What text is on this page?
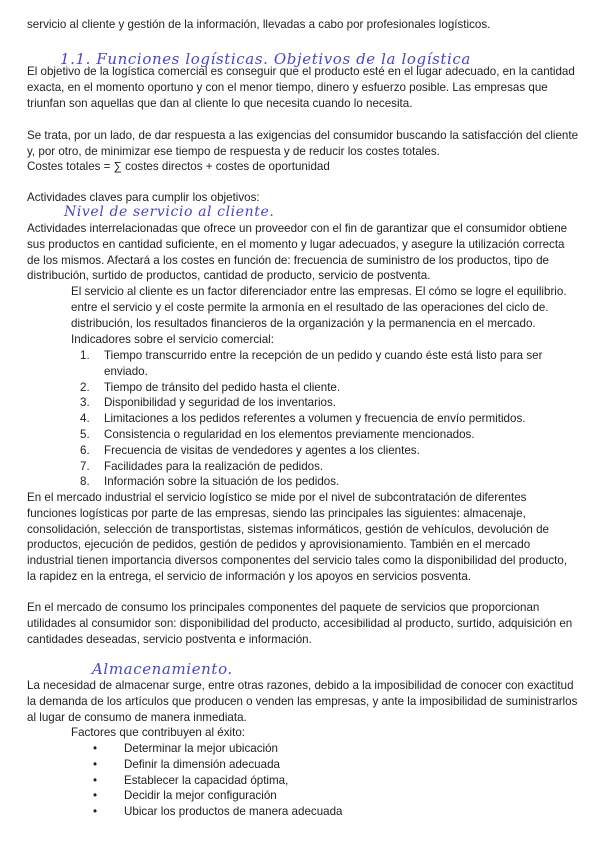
servicio al cliente y gestión de la información, llevadas a cabo por profesionales logísticos.
1.1. Funciones logísticas. Objetivos de la logística
El objetivo de la logística comercial es conseguir que el producto esté en el lugar adecuado, en la cantidad exacta, en el momento oportuno y con el menor tiempo, dinero y esfuerzo posible. Las empresas que triunfan son aquellas que dan al cliente lo que necesita cuando lo necesita.
Se trata, por un lado, de dar respuesta a las exigencias del consumidor buscando la satisfacción del cliente y, por otro, de minimizar ese tiempo de respuesta y de reducir los costes totales.
Costes totales = ∑ costes directos + costes de oportunidad
Actividades claves para cumplir los objetivos:
Nivel de servicio al cliente.
Actividades interrelacionadas que ofrece un proveedor con el fin de garantizar que el consumidor obtiene sus productos en cantidad suficiente, en el momento y lugar adecuados, y asegure la utilización correcta de los mismos. Afectará a los costes en función de: frecuencia de suministro de los productos, tipo de distribución, surtido de productos, cantidad de producto, servicio de postventa.
El servicio al cliente es un factor diferenciador entre las empresas. El cómo se logre el equilibrio. entre el servicio y el coste permite la armonía en el resultado de las operaciones del ciclo de. distribución, los resultados financieros de la organización y la permanencia en el mercado.
Indicadores sobre el servicio comercial:
1. Tiempo transcurrido entre la recepción de un pedido y cuando éste está listo para ser enviado.
2. Tiempo de tránsito del pedido hasta el cliente.
3. Disponibilidad y seguridad de los inventarios.
4. Limitaciones a los pedidos referentes a volumen y frecuencia de envío permitidos.
5. Consistencia o regularidad en los elementos previamente mencionados.
6. Frecuencia de visitas de vendedores y agentes a los clientes.
7. Facilidades para la realización de pedidos.
8. Información sobre la situación de los pedidos.
En el mercado industrial el servicio logístico se mide por el nivel de subcontratación de diferentes funciones logísticas por parte de las empresas, siendo las principales las siguientes: almacenaje, consolidación, selección de transportistas, sistemas informáticos, gestión de vehículos, devolución de productos, ejecución de pedidos, gestión de pedidos y aprovisionamiento. También en el mercado industrial tienen importancia diversos componentes del servicio tales como la disponibilidad del producto, la rapidez en la entrega, el servicio de información y los apoyos en servicios posventa.
En el mercado de consumo los principales componentes del paquete de servicios que proporcionan utilidades al consumidor son: disponibilidad del producto, accesibilidad al producto, surtido, adquisición en cantidades deseadas, servicio postventa e información.
Almacenamiento.
La necesidad de almacenar surge, entre otras razones, debido a la imposibilidad de conocer con exactitud la demanda de los artículos que producen o venden las empresas, y ante la imposibilidad de suministrarlos al lugar de consumo de manera inmediata.
Factores que contribuyen al éxito:
• Determinar la mejor ubicación
• Definir la dimensión adecuada
• Establecer la capacidad óptima,
• Decidir la mejor configuración
• Ubicar los productos de manera adecuada
